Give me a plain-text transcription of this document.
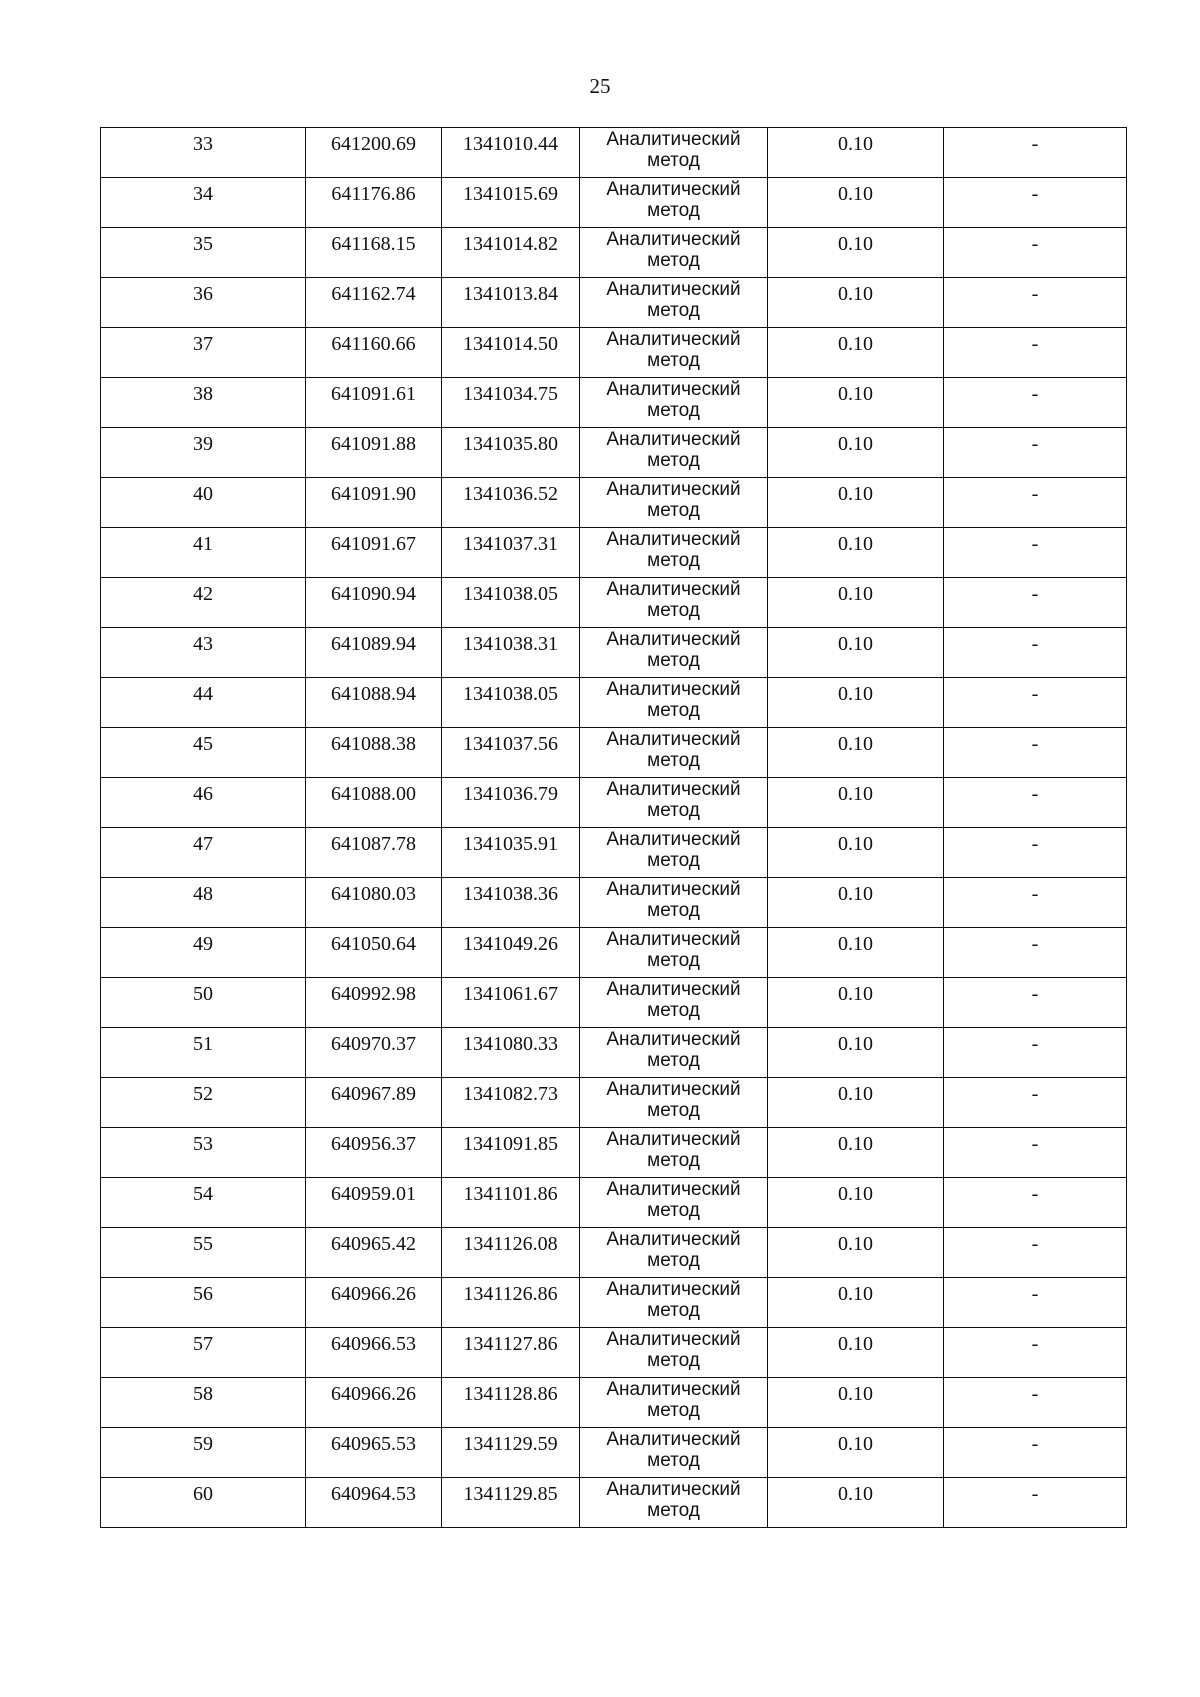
25
33	641200.69	1341010.44	Аналитический метод	0.10	-

34	641176.86	1341015.69	Аналитический метод	0.10	-

35	641168.15	1341014.82	Аналитический метод	0.10	-

36	641162.74	1341013.84	Аналитический метод	0.10	-

37	641160.66	1341014.50	Аналитический метод	0.10	-

38	641091.61	1341034.75	Аналитический метод	0.10	-

39	641091.88	1341035.80	Аналитический метод	0.10	-

40	641091.90	1341036.52	Аналитический метод	0.10	-

41	641091.67	1341037.31	Аналитический метод	0.10	-

42	641090.94	1341038.05	Аналитический метод	0.10	-

43	641089.94	1341038.31	Аналитический метод	0.10	-

44	641088.94	1341038.05	Аналитический метод	0.10	-

45	641088.38	1341037.56	Аналитический метод	0.10	-

46	641088.00	1341036.79	Аналитический метод	0.10	-

47	641087.78	1341035.91	Аналитический метод	0.10	-

48	641080.03	1341038.36	Аналитический метод	0.10	-

49	641050.64	1341049.26	Аналитический метод	0.10	-

50	640992.98	1341061.67	Аналитический метод	0.10	-

51	640970.37	1341080.33	Аналитический метод	0.10	-

52	640967.89	1341082.73	Аналитический метод	0.10	-

53	640956.37	1341091.85	Аналитический метод	0.10	-

54	640959.01	1341101.86	Аналитический метод	0.10	-

55	640965.42	1341126.08	Аналитический метод	0.10	-

56	640966.26	1341126.86	Аналитический метод	0.10	-

57	640966.53	1341127.86	Аналитический метод	0.10	-

58	640966.26	1341128.86	Аналитический метод	0.10	-

59	640965.53	1341129.59	Аналитический метод	0.10	-

60	640964.53	1341129.85	Аналитический метод	0.10	-
